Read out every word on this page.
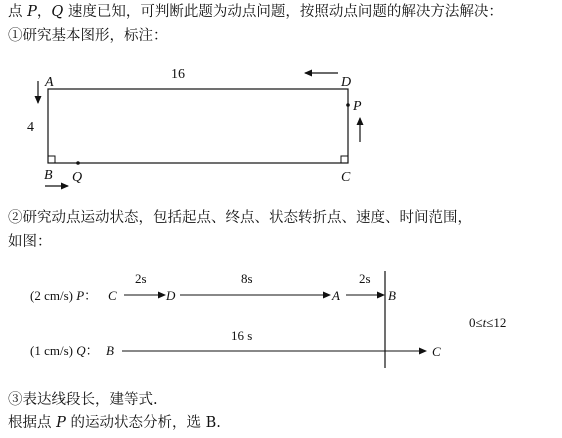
点 P，Q 速度已知，可判断此题为动点问题，按照动点问题的解决方法解决：
①研究基本图形，标注：
②研究动点运动状态，包括起点、终点、状态转折点、速度、时间范围，
如图：
③表达线段长，建等式.
根据点 P 的运动状态分析，选 B.
A	D
B	C
16
4
P
Q
(2 cm/s) P： C
2s
D
8s
A
2s
B
(1 cm/s) Q： B
16 s
C
0≤t≤12
